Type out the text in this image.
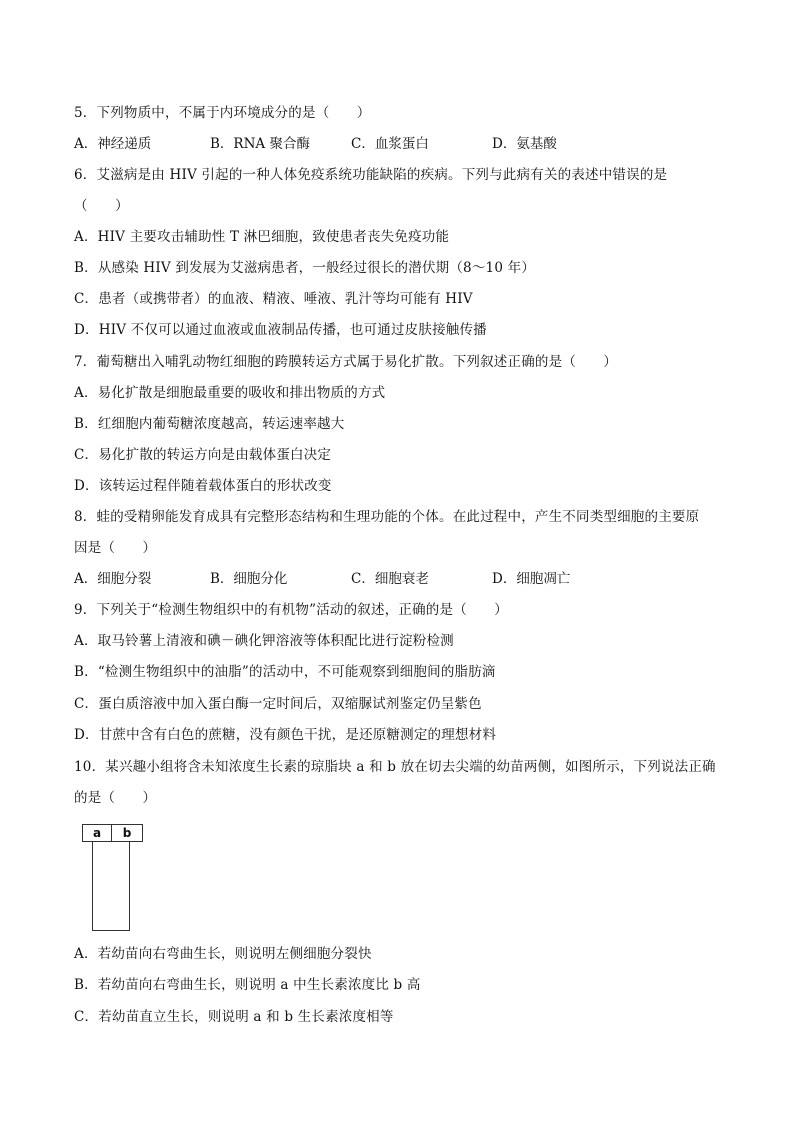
5．下列物质中，不属于内环境成分的是（　　）
A．神经递质	B．RNA 聚合酶	C．血浆蛋白	D．氨基酸
6．艾滋病是由 HIV 引起的一种人体免疫系统功能缺陷的疾病。下列与此病有关的表述中错误的是
（　　）
A．HIV 主要攻击辅助性 T 淋巴细胞，致使患者丧失免疫功能
B．从感染 HIV 到发展为艾滋病患者，一般经过很长的潜伏期（8～10 年）
C．患者（或携带者）的血液、精液、唾液、乳汁等均可能有 HIV
D．HIV 不仅可以通过血液或血液制品传播，也可通过皮肤接触传播
7．葡萄糖出入哺乳动物红细胞的跨膜转运方式属于易化扩散。下列叙述正确的是（　　）
A．易化扩散是细胞最重要的吸收和排出物质的方式
B．红细胞内葡萄糖浓度越高，转运速率越大
C．易化扩散的转运方向是由载体蛋白决定
D．该转运过程伴随着载体蛋白的形状改变
8．蛙的受精卵能发育成具有完整形态结构和生理功能的个体。在此过程中，产生不同类型细胞的主要原
因是（　　）
A．细胞分裂	B．细胞分化	C．细胞衰老	D．细胞凋亡
9．下列关于“检测生物组织中的有机物”活动的叙述，正确的是（　　）
A．取马铃薯上清液和碘－碘化钾溶液等体积配比进行淀粉检测
B．“检测生物组织中的油脂”的活动中，不可能观察到细胞间的脂肪滴
C．蛋白质溶液中加入蛋白酶一定时间后，双缩脲试剂鉴定仍呈紫色
D．甘蔗中含有白色的蔗糖，没有颜色干扰，是还原糖测定的理想材料
10．某兴趣小组将含未知浓度生长素的琼脂块 a 和 b 放在切去尖端的幼苗两侧，如图所示，下列说法正确
的是（　　）
a	b
A．若幼苗向右弯曲生长，则说明左侧细胞分裂快
B．若幼苗向右弯曲生长，则说明 a 中生长素浓度比 b 高
C．若幼苗直立生长，则说明 a 和 b 生长素浓度相等
